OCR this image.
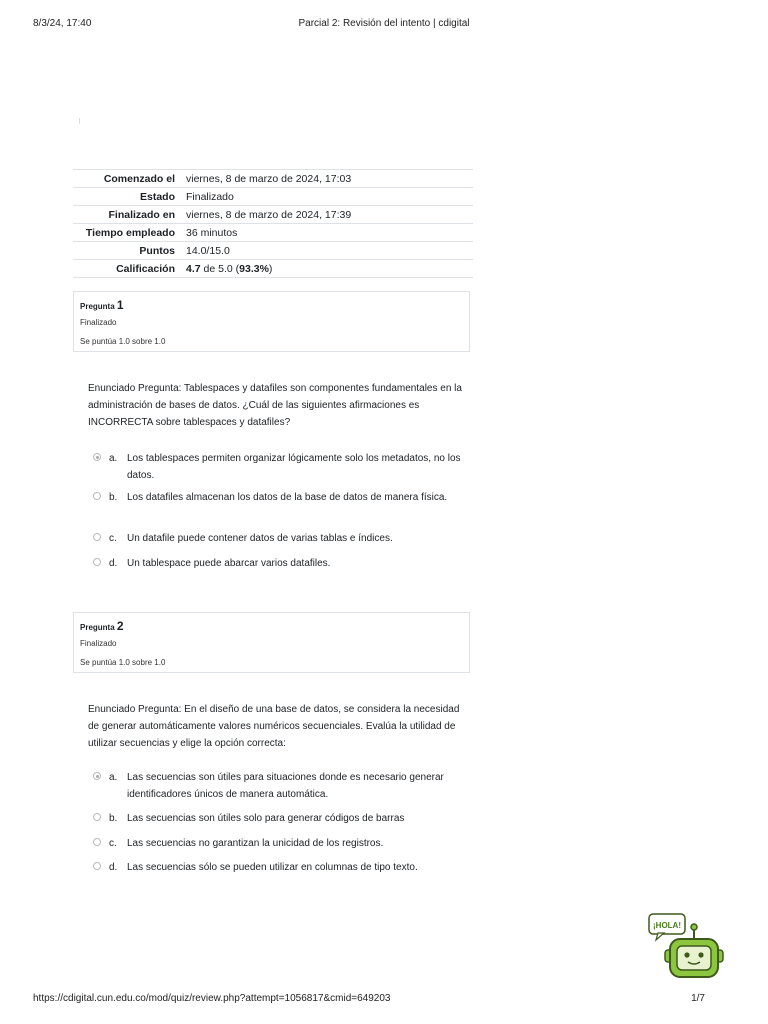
8/3/24, 17:40	Parcial 2: Revisión del intento | cdigital
Comenzado el	viernes, 8 de marzo de 2024, 17:03
Estado	Finalizado
Finalizado en	viernes, 8 de marzo de 2024, 17:39
Tiempo empleado	36 minutos
Puntos	14.0/15.0
Calificación	4.7 de 5.0 (93.3%)
Pregunta 1
Finalizado
Se puntúa 1.0 sobre 1.0
Enunciado Pregunta: Tablespaces y datafiles son componentes fundamentales en la administración de bases de datos. ¿Cuál de las siguientes afirmaciones es INCORRECTA sobre tablespaces y datafiles?
a. Los tablespaces permiten organizar lógicamente solo los metadatos, no los datos.
b. Los datafiles almacenan los datos de la base de datos de manera física.
c. Un datafile puede contener datos de varias tablas e índices.
d. Un tablespace puede abarcar varios datafiles.
Pregunta 2
Finalizado
Se puntúa 1.0 sobre 1.0
Enunciado Pregunta: En el diseño de una base de datos, se considera la necesidad de generar automáticamente valores numéricos secuenciales. Evalúa la utilidad de utilizar secuencias y elige la opción correcta:
a. Las secuencias son útiles para situaciones donde es necesario generar identificadores únicos de manera automática.
b. Las secuencias son útiles solo para generar códigos de barras
c. Las secuencias no garantizan la unicidad de los registros.
d. Las secuencias sólo se pueden utilizar en columnas de tipo texto.
¡HOLA!
https://cdigital.cun.edu.co/mod/quiz/review.php?attempt=1056817&cmid=649203	1/7
